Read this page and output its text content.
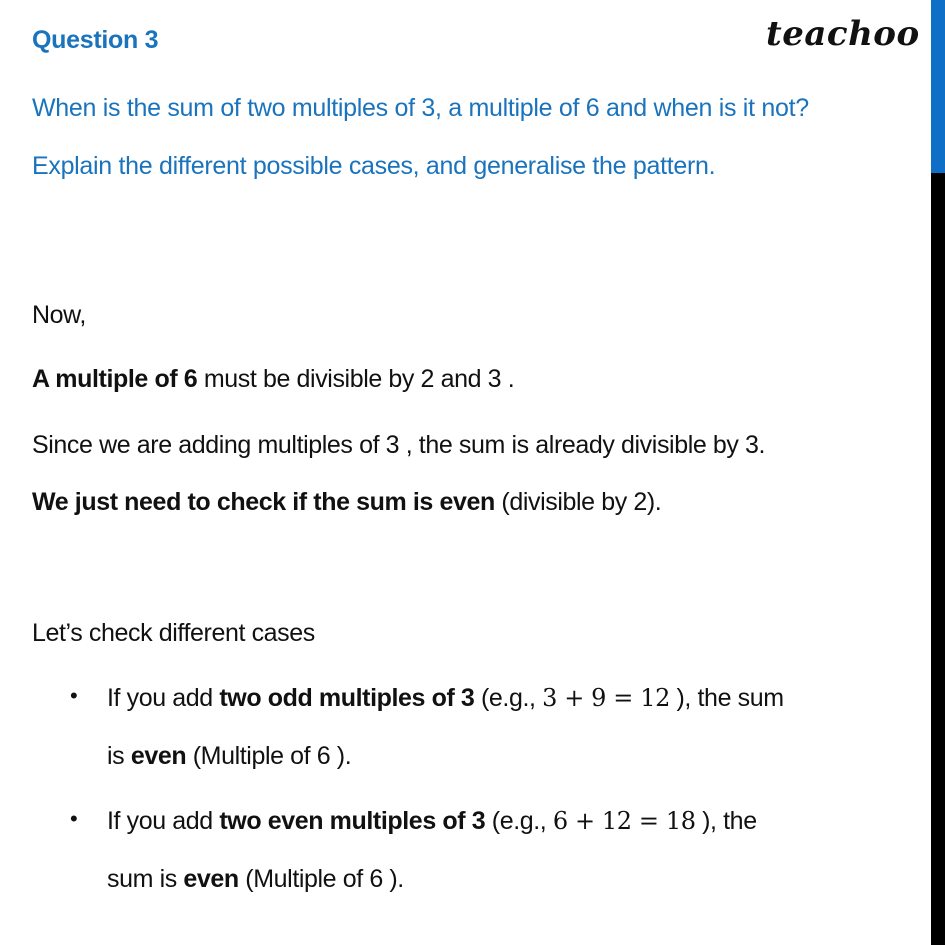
Question 3	teachoo
When is the sum of two multiples of 3, a multiple of 6 and when is it not? Explain the different possible cases, and generalise the pattern.
Now,
A multiple of 6 must be divisible by 2 and 3 .
Since we are adding multiples of 3 , the sum is already divisible by 3.
We just need to check if the sum is even (divisible by 2).
Let’s check different cases
• If you add two odd multiples of 3 (e.g., 3 + 9 = 12 ), the sum
is even (Multiple of 6 ).
• If you add two even multiples of 3 (e.g., 6 + 12 = 18 ), the
sum is even (Multiple of 6 ).
